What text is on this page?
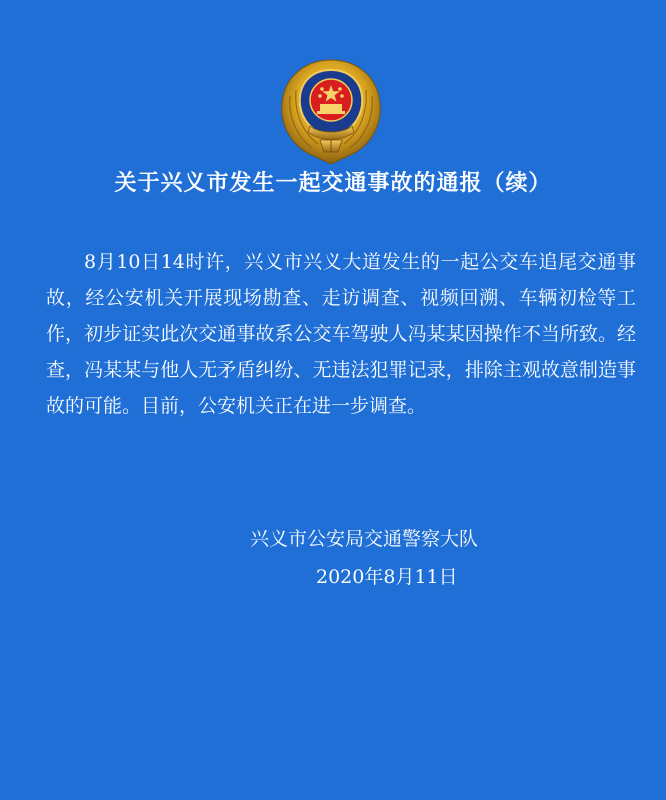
关于兴义市发生一起交通事故的通报（续）

8月10日14时许，兴义市兴义大道发生的一起公交车追尾交通事故，经公安机关开展现场勘查、走访调查、视频回溯、车辆初检等工作，初步证实此次交通事故系公交车驾驶人冯某某因操作不当所致。经查，冯某某与他人无矛盾纠纷、无违法犯罪记录，排除主观故意制造事故的可能。目前，公安机关正在进一步调查。

兴义市公安局交通警察大队
2020年8月11日
